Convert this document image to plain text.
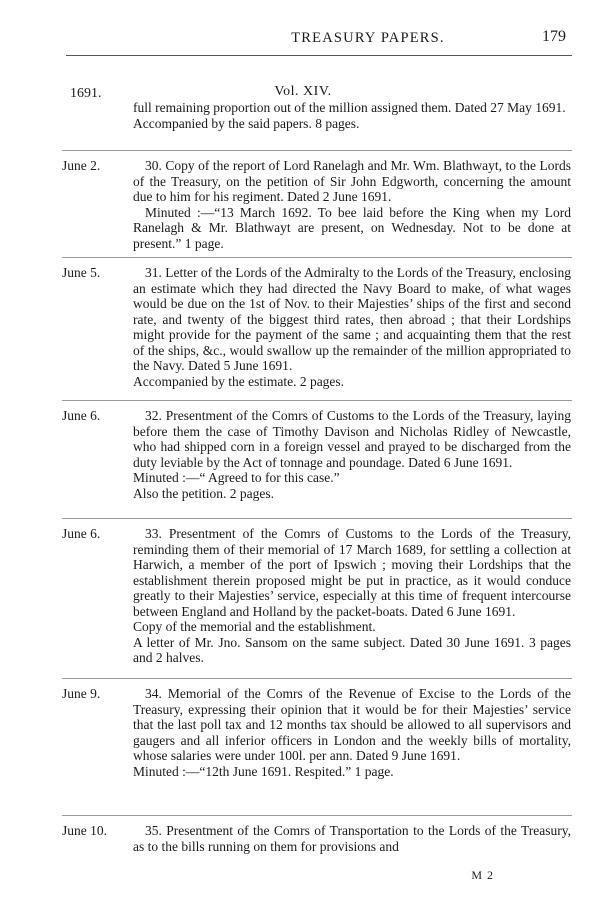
TREASURY PAPERS.	179
1691.	Vol. XIV.

full remaining proportion out of the million assigned them. Dated 27 May 1691.

Accompanied by the said papers. 8 pages.

June 2.	30. Copy of the report of Lord Ranelagh and Mr. Wm. Blathwayt, to the Lords of the Treasury, on the petition of Sir John Edgworth, concerning the amount due to him for his regiment. Dated 2 June 1691.

Minuted :—“13 March 1692. To bee laid before the King when my Lord Ranelagh & Mr. Blathwayt are present, on Wednesday. Not to be done at present.” 1 page.

June 5.	31. Letter of the Lords of the Admiralty to the Lords of the Treasury, enclosing an estimate which they had directed the Navy Board to make, of what wages would be due on the 1st of Nov. to their Majesties’ ships of the first and second rate, and twenty of the biggest third rates, then abroad ; that their Lordships might provide for the payment of the same ; and acquainting them that the rest of the ships, &c., would swallow up the remainder of the million appropriated to the Navy. Dated 5 June 1691.

Accompanied by the estimate. 2 pages.

June 6.	32. Presentment of the Comrs of Customs to the Lords of the Treasury, laying before them the case of Timothy Davison and Nicholas Ridley of Newcastle, who had shipped corn in a foreign vessel and prayed to be discharged from the duty leviable by the Act of tonnage and poundage. Dated 6 June 1691.

Minuted :—“ Agreed to for this case.”

Also the petition. 2 pages.

June 6.	33. Presentment of the Comrs of Customs to the Lords of the Treasury, reminding them of their memorial of 17 March 1689, for settling a collection at Harwich, a member of the port of Ipswich ; moving their Lordships that the establishment therein proposed might be put in practice, as it would conduce greatly to their Majesties’ service, especially at this time of frequent intercourse between England and Holland by the packet-boats. Dated 6 June 1691.

Copy of the memorial and the establishment.

A letter of Mr. Jno. Sansom on the same subject. Dated 30 June 1691. 3 pages and 2 halves.

June 9.	34. Memorial of the Comrs of the Revenue of Excise to the Lords of the Treasury, expressing their opinion that it would be for their Majesties’ service that the last poll tax and 12 months tax should be allowed to all supervisors and gaugers and all inferior officers in London and the weekly bills of mortality, whose salaries were under 100l. per ann. Dated 9 June 1691.

Minuted :—“12th June 1691. Respited.” 1 page.

June 10.	35. Presentment of the Comrs of Transportation to the Lords of the Treasury, as to the bills running on them for provisions and

M 2
